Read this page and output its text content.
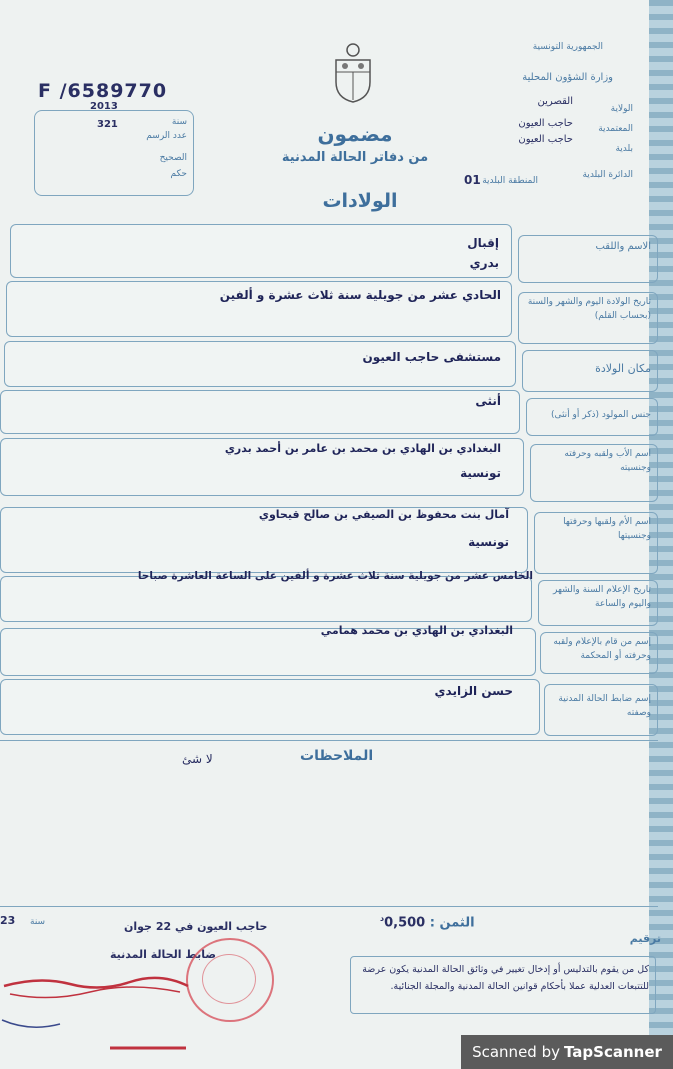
F /6589770
2013
321	سنة
عدد الرسم
الصحيح
حكم
الجمهورية التونسية
وزارة الشؤون المحلية
الولاية
المعتمدية
بلدية
القصرين
حاجب العيون
حاجب العيون
الدائرة البلدية
المنطقة البلدية
01
مضمون
من دفاتر الحالة المدنية
الولادات
الاسم واللقب
إقبال
بدري
تاريخ الولادة اليوم والشهر والسنة (بحساب القلم)
الحادي عشر من جويلية سنة ثلاث عشرة و ألفين
مكان الولادة
مستشفى حاجب العيون
جنس المولود (ذكر أو أنثى)
أنثى
اسم الأب ولقبه وحرفته وجنسيته
البغدادي بن الهادي بن محمد بن عامر بن أحمد بدري
تونسية
اسم الأم ولقبها وحرفتها وجنسيتها
آمال بنت محفوظ بن الصيفي بن صالح قيحاوي
تونسية
تاريخ الإعلام السنة والشهر واليوم والساعة
الخامس عشر من جويلية سنة ثلاث عشرة و ألفين على الساعة العاشرة صباحا
إسم من قام بالإعلام ولقبه وحرفته أو المحكمة
البغدادي بن الهادي بن محمد همامي
إسم ضابط الحالة المدنية وصفته
حسن الزايدي
الملاحظات
لا شئ
23 سنة	حاجب العيون في 22 جوان	الثمن : $0,500^د$
ترقيم
ضابط الحالة المدنية
كل من يقوم بالتدليس أو إدخال تغيير في وثائق الحالة المدنية يكون عرضة للتتبعات العدلية عملا بأحكام قوانين الحالة المدنية والمجلة الجنائية.
Scanned by TapScanner
